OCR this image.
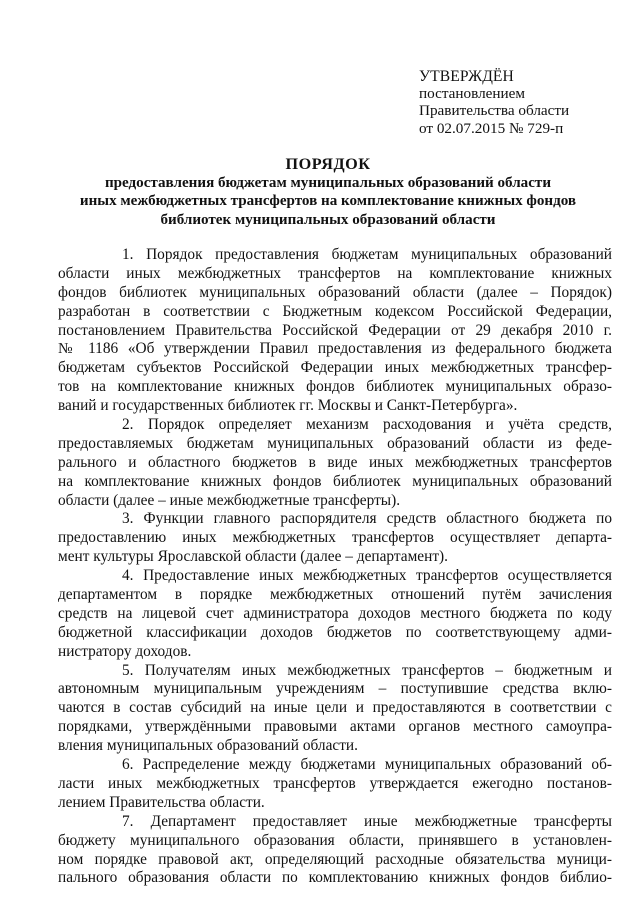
УТВЕРЖДЁН
постановлением
Правительства области
от 02.07.2015 № 729-п
ПОРЯДОК
предоставления бюджетам муниципальных образований области
иных межбюджетных трансфертов на комплектование книжных фондов
библиотек муниципальных образований области
1. Порядок предоставления бюджетам муниципальных образований
области иных межбюджетных трансфертов на комплектование книжных
фондов библиотек муниципальных образований области (далее – Порядок)
разработан в соответствии с Бюджетным кодексом Российской Федерации,
постановлением Правительства Российской Федерации от 29 декабря 2010 г.
№ 1186 «Об утверждении Правил предоставления из федерального бюджета
бюджетам субъектов Российской Федерации иных межбюджетных трансфер-
тов на комплектование книжных фондов библиотек муниципальных образо-
ваний и государственных библиотек гг. Москвы и Санкт-Петербурга».
2. Порядок определяет механизм расходования и учёта средств,
предоставляемых бюджетам муниципальных образований области из феде-
рального и областного бюджетов в виде иных межбюджетных трансфертов
на комплектование книжных фондов библиотек муниципальных образований
области (далее – иные межбюджетные трансферты).
3. Функции главного распорядителя средств областного бюджета по
предоставлению иных межбюджетных трансфертов осуществляет департа-
мент культуры Ярославской области (далее – департамент).
4. Предоставление иных межбюджетных трансфертов осуществляется
департаментом в порядке межбюджетных отношений путём зачисления
средств на лицевой счет администратора доходов местного бюджета по коду
бюджетной классификации доходов бюджетов по соответствующему адми-
нистратору доходов.
5. Получателям иных межбюджетных трансфертов – бюджетным и
автономным муниципальным учреждениям – поступившие средства вклю-
чаются в состав субсидий на иные цели и предоставляются в соответствии с
порядками, утверждёнными правовыми актами органов местного самоупра-
вления муниципальных образований области.
6. Распределение между бюджетами муниципальных образований об-
ласти иных межбюджетных трансфертов утверждается ежегодно постанов-
лением Правительства области.
7. Департамент предоставляет иные межбюджетные трансферты
бюджету муниципального образования области, принявшего в установлен-
ном порядке правовой акт, определяющий расходные обязательства муници-
пального образования области по комплектованию книжных фондов библио-
